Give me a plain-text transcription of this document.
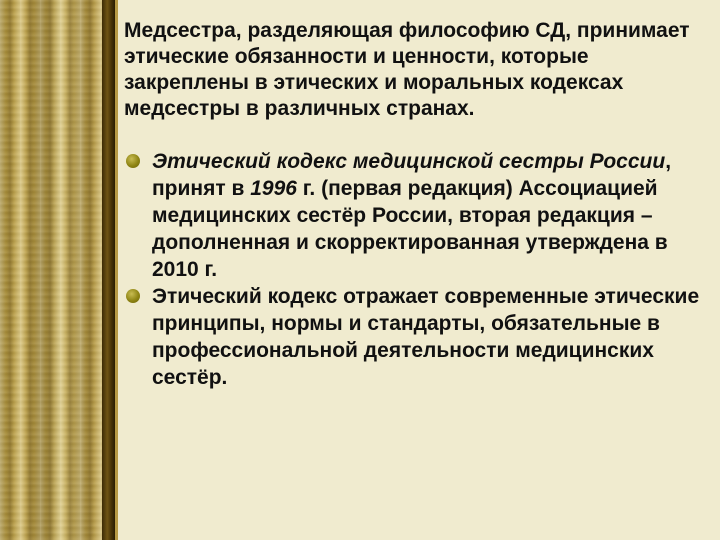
Медсестра, разделяющая философию СД, принимает этические обязанности и ценности, которые закреплены в этических и моральных кодексах медсестры в различных странах.

Этический кодекс медицинской сестры России, принят в 1996 г. (первая редакция) Ассоциацией медицинских сестёр России, вторая редакция – дополненная и скорректированная утверждена в 2010 г.
Этический кодекс отражает современные этические принципы, нормы и стандарты, обязательные в профессиональной деятельности медицинских сестёр.
